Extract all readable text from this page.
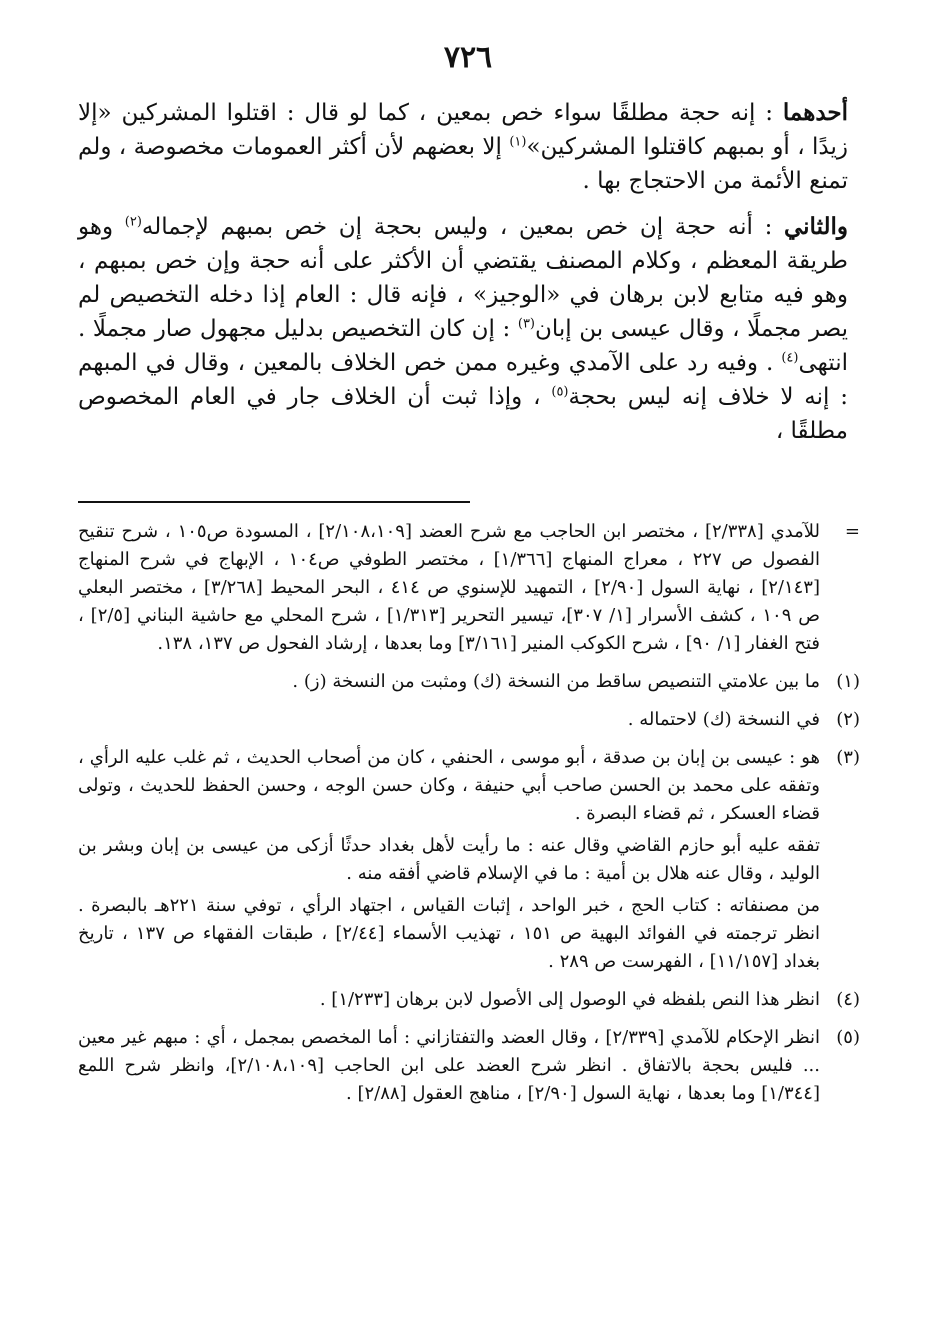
٧٢٦

أحدهما : إنه حجة مطلقًا سواء خص بمعين ، كما لو قال : اقتلوا المشركين «إلا زيدًا ، أو بمبهم كاقتلوا المشركين»$^{(١)}$ إلا بعضهم لأن أكثر العمومات مخصوصة ، ولم تمنع الأئمة من الاحتجاج بها .

والثاني : أنه حجة إن خص بمعين ، وليس بحجة إن خص بمبهم لإجماله$^{(٢)}$ وهو طريقة المعظم ، وكلام المصنف يقتضي أن الأكثر على أنه حجة وإن خص بمبهم ، وهو فيه متابع لابن برهان في «الوجيز» ، فإنه قال : العام إذا دخله التخصيص لم يصر مجملًا ، وقال عيسى بن إبان$^{(٣)}$ : إن كان التخصيص بدليل مجهول صار مجملًا . انتهى$^{(٤)}$ . وفيه رد على الآمدي وغيره ممن خص الخلاف بالمعين ، وقال في المبهم : إنه لا خلاف إنه ليس بحجة$^{(٥)}$ ، وإذا ثبت أن الخلاف جار في العام المخصوص مطلقًا ،

=
للآمدي [٢/٣٣٨] ، مختصر ابن الحاجب مع شرح العضد [٢/١٠٨،١٠٩] ، المسودة ص١٠٥ ، شرح تنقيح الفصول ص ٢٢٧ ، معراج المنهاج [١/٣٦٦] ، مختصر الطوفي ص١٠٤ ، الإبهاج في شرح المنهاج [٢/١٤٣] ، نهاية السول [٢/٩٠] ، التمهيد للإسنوي ص ٤١٤ ، البحر المحيط [٣/٢٦٨] ، مختصر البعلي ص ١٠٩ ، كشف الأسرار [١/ ٣٠٧]، تيسير التحرير [١/٣١٣] ، شرح المحلي مع حاشية البناني [٢/٥] ، فتح الغفار [١/ ٩٠] ، شرح الكوكب المنير [٣/١٦١] وما بعدها ، إرشاد الفحول ص ١٣٧، ١٣٨.
(١)
ما بين علامتي التنصيص ساقط من النسخة (ك) ومثبت من النسخة (ز) .
(٢)
في النسخة (ك) لاحتماله .
(٣)
هو : عيسى بن إبان بن صدقة ، أبو موسى ، الحنفي ، كان من أصحاب الحديث ، ثم غلب عليه الرأي ، وتفقه على محمد بن الحسن صاحب أبي حنيفة ، وكان حسن الوجه ، وحسن الحفظ للحديث ، وتولى قضاء العسكر ، ثم قضاء البصرة .
تفقه عليه أبو حازم القاضي وقال عنه : ما رأيت لأهل بغداد حدثًا أزكى من عيسى بن إبان وبشر بن الوليد ، وقال عنه هلال بن أمية : ما في الإسلام قاضي أفقه منه .
من مصنفاته : كتاب الحج ، خبر الواحد ، إثبات القياس ، اجتهاد الرأي ، توفي سنة ٢٢١هـ بالبصرة . انظر ترجمته في الفوائد البهية ص ١٥١ ، تهذيب الأسماء [٢/٤٤] ، طبقات الفقهاء ص ١٣٧ ، تاريخ بغداد [١١/١٥٧] ، الفهرست ص ٢٨٩ .
(٤)
انظر هذا النص بلفظه في الوصول إلى الأصول لابن برهان [١/٢٣٣] .
(٥)
انظر الإحكام للآمدي [٢/٣٣٩] ، وقال العضد والتفتازاني : أما المخصص بمجمل ، أي : مبهم غير معين ... فليس بحجة بالاتفاق . انظر شرح العضد على ابن الحاجب [٢/١٠٨،١٠٩]، وانظر شرح اللمع [١/٣٤٤] وما بعدها ، نهاية السول [٢/٩٠] ، مناهج العقول [٢/٨٨] .
